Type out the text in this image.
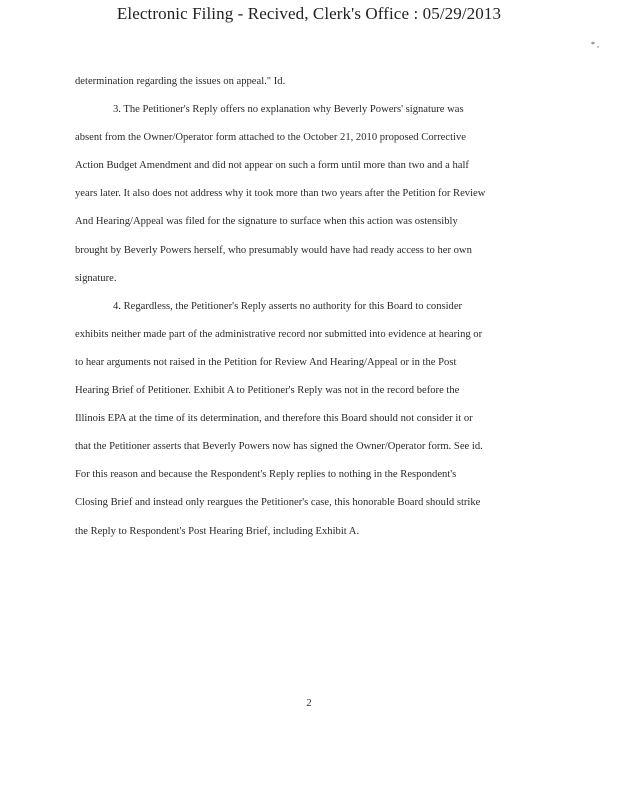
Electronic Filing - Recived, Clerk's Office : 05/29/2013
* ,

determination regarding the issues on appeal." Id.

3. The Petitioner's Reply offers no explanation why Beverly Powers' signature was
absent from the Owner/Operator form attached to the October 21, 2010 proposed Corrective
Action Budget Amendment and did not appear on such a form until more than two and a half
years later. It also does not address why it took more than two years after the Petition for Review
And Hearing/Appeal was filed for the signature to surface when this action was ostensibly
brought by Beverly Powers herself, who presumably would have had ready access to her own
signature.

4. Regardless, the Petitioner's Reply asserts no authority for this Board to consider
exhibits neither made part of the administrative record nor submitted into evidence at hearing or
to hear arguments not raised in the Petition for Review And Hearing/Appeal or in the Post
Hearing Brief of Petitioner. Exhibit A to Petitioner's Reply was not in the record before the
Illinois EPA at the time of its determination, and therefore this Board should not consider it or
that the Petitioner asserts that Beverly Powers now has signed the Owner/Operator form. See id.
For this reason and because the Respondent's Reply replies to nothing in the Respondent's
Closing Brief and instead only reargues the Petitioner's case, this honorable Board should strike
the Reply to Respondent's Post Hearing Brief, including Exhibit A.

2
